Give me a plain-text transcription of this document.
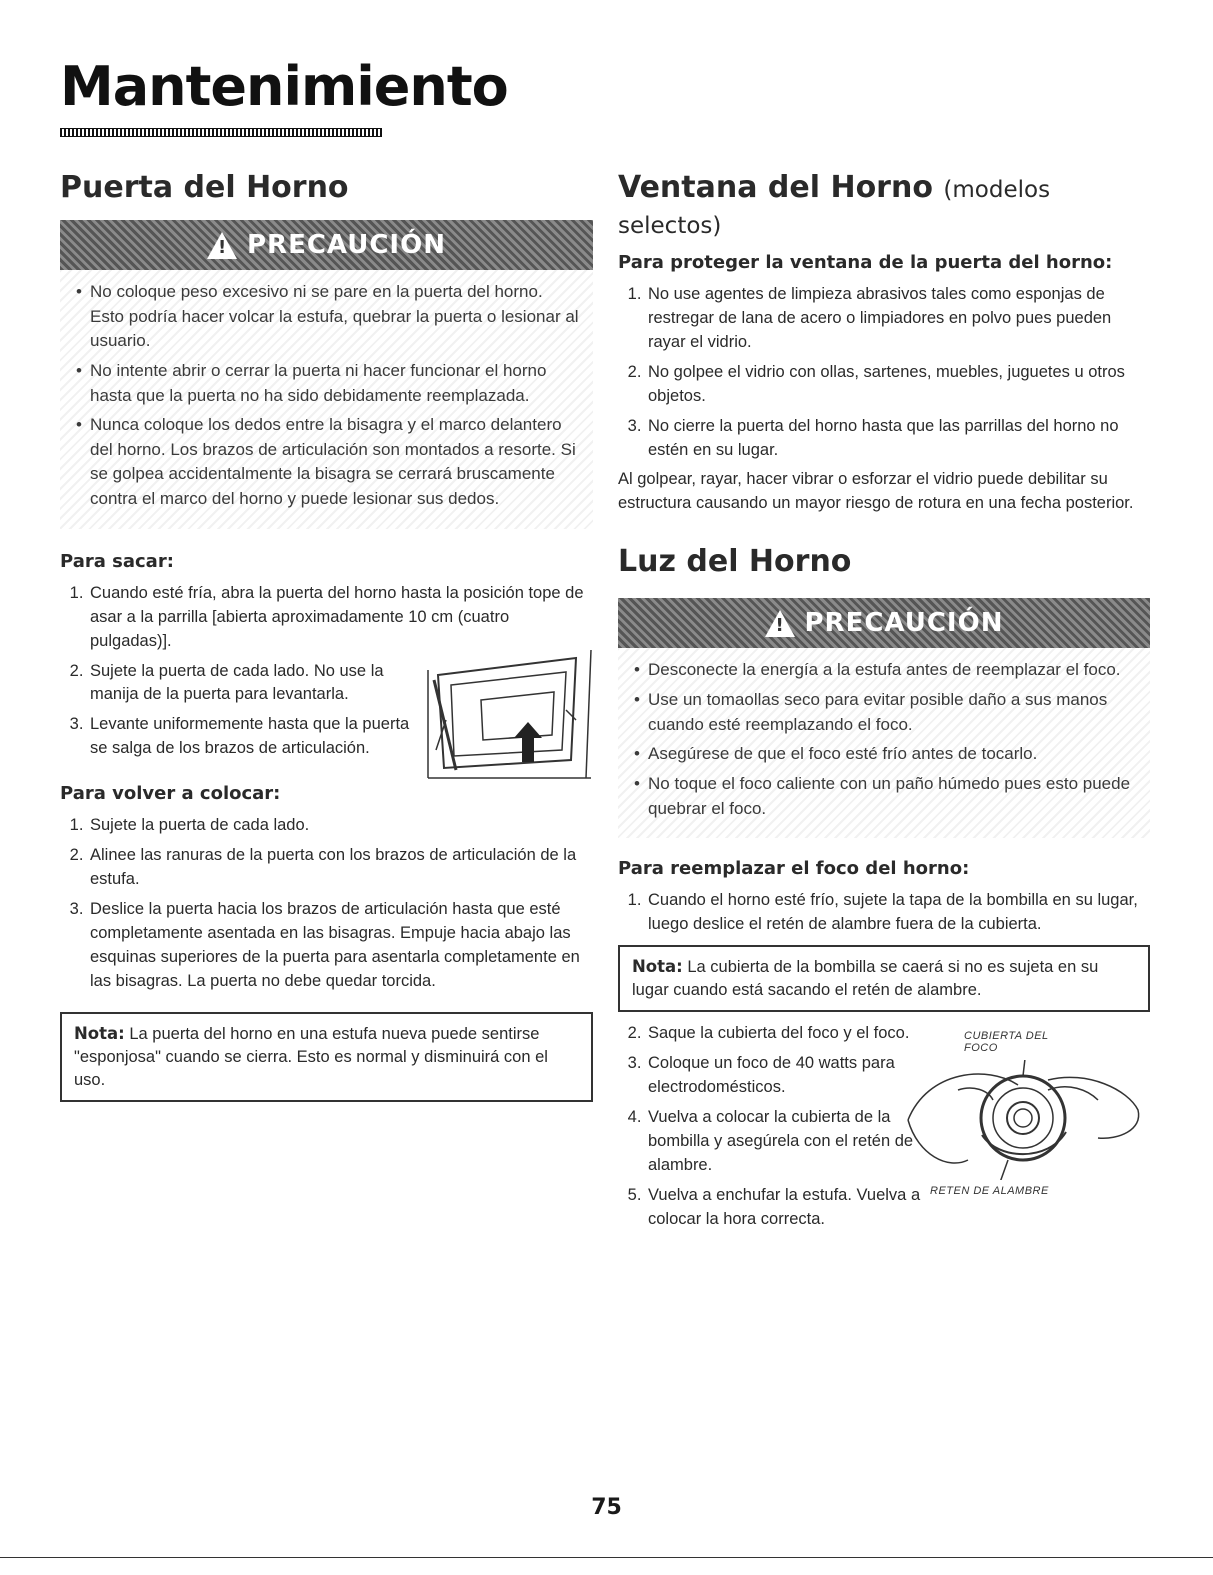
Mantenimiento
Puerta del Horno
!
PRECAUCIÓN
• No coloque peso excesivo ni se pare en la puerta del horno. Esto podría hacer volcar la estufa, quebrar la puerta o lesionar al usuario.
• No intente abrir o cerrar la puerta ni hacer funcionar el horno hasta que la puerta no ha sido debidamente reemplazada.
• Nunca coloque los dedos entre la bisagra y el marco delantero del horno. Los brazos de articulación son montados a resorte. Si se golpea accidentalmente la bisagra se cerrará bruscamente contra el marco del horno y puede lesionar sus dedos.
Para sacar:
1. Cuando esté fría, abra la puerta del horno hasta la posición tope de asar a la parrilla [abierta aproximadamente 10 cm (cuatro pulgadas)].
2. Sujete la puerta de cada lado. No use la manija de la puerta para levantarla.
3. Levante uniformemente hasta que la puerta se salga de los brazos de articulación.
Para volver a colocar:
1. Sujete la puerta de cada lado.
2. Alinee las ranuras de la puerta con los brazos de articulación de la estufa.
3. Deslice la puerta hacia los brazos de articulación hasta que esté completamente asentada en las bisagras. Empuje hacia abajo las esquinas superiores de la puerta para asentarla completamente en las bisagras. La puerta no debe quedar torcida.
Nota: La puerta del horno en una estufa nueva puede sentirse "esponjosa" cuando se cierra. Esto es normal y disminuirá con el uso.
Ventana del Horno (modelos selectos)
Para proteger la ventana de la puerta del horno:
1. No use agentes de limpieza abrasivos tales como esponjas de restregar de lana de acero o limpiadores en polvo pues pueden rayar el vidrio.
2. No golpee el vidrio con ollas, sartenes, muebles, juguetes u otros objetos.
3. No cierre la puerta del horno hasta que las parrillas del horno no estén en su lugar.

Al golpear, rayar, hacer vibrar o esforzar el vidrio puede debilitar su estructura causando un mayor riesgo de rotura en una fecha posterior.

Luz del Horno
!
PRECAUCIÓN
• Desconecte la energía a la estufa antes de reemplazar el foco.
• Use un tomaollas seco para evitar posible daño a sus manos cuando esté reemplazando el foco.
• Asegúrese de que el foco esté frío antes de tocarlo.
• No toque el foco caliente con un paño húmedo pues esto puede quebrar el foco.
Para reemplazar el foco del horno:
1. Cuando el horno esté frío, sujete la tapa de la bombilla en su lugar, luego deslice el retén de alambre fuera de la cubierta.
Nota: La cubierta de la bombilla se caerá si no es sujeta en su lugar cuando está sacando el retén de alambre.
2. Saque la cubierta del foco y el foco.
3. Coloque un foco de 40 watts para electrodomésticos.
4. Vuelva a colocar la cubierta de la bombilla y asegúrela con el retén de alambre.
5. Vuelva a enchufar la estufa. Vuelva a colocar la hora correcta.
CUBIERTA DEL FOCO
RETEN DE ALAMBRE
75
